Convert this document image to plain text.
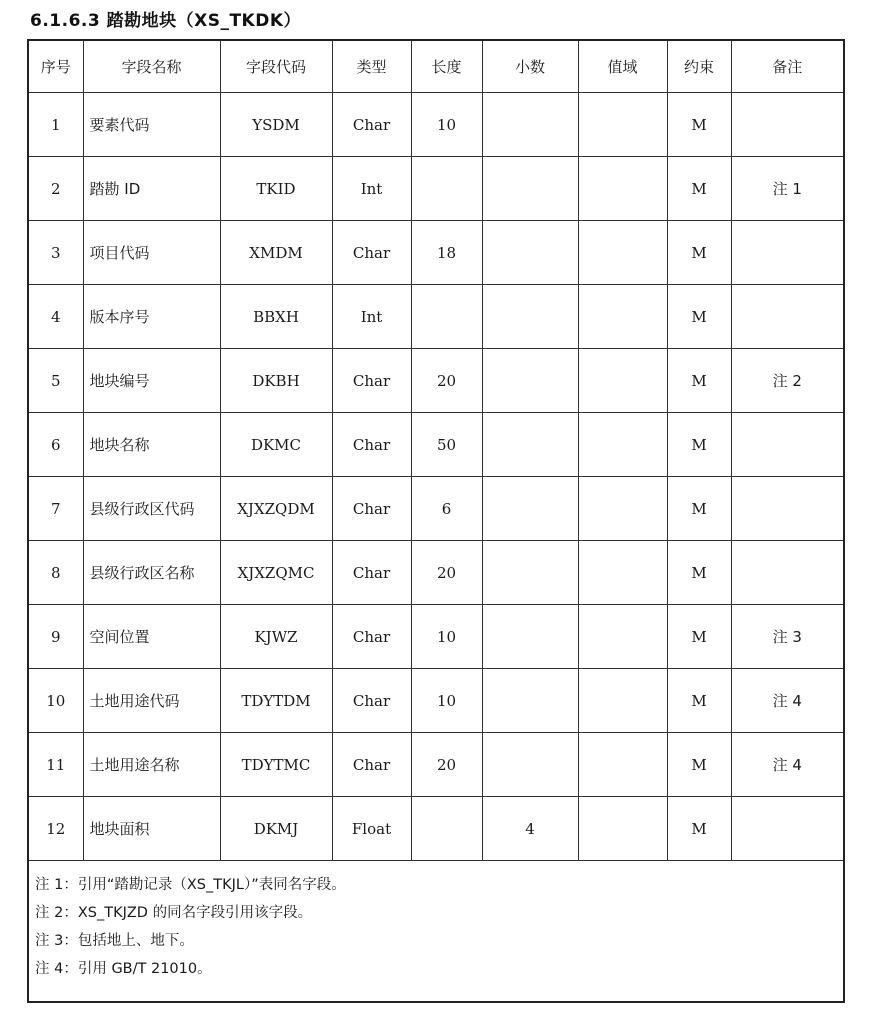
6.1.6.3 踏勘地块（XS_TKDK）
序号	字段名称	字段代码	类型	长度	小数	值域	约束	备注
1	要素代码	YSDM	Char	10			M	
2	踏勘 ID	TKID	Int				M	注 1
3	项目代码	XMDM	Char	18			M	
4	版本序号	BBXH	Int				M	
5	地块编号	DKBH	Char	20			M	注 2
6	地块名称	DKMC	Char	50			M	
7	县级行政区代码	XJXZQDM	Char	6			M	
8	县级行政区名称	XJXZQMC	Char	20			M	
9	空间位置	KJWZ	Char	10			M	注 3
10	土地用途代码	TDYTDM	Char	10			M	注 4
11	土地用途名称	TDYTMC	Char	20			M	注 4
12	地块面积	DKMJ	Float		4		M	

注 1：引用“踏勘记录（XS_TKJL）”表同名字段。
注 2：XS_TKJZD 的同名字段引用该字段。
注 3：包括地上、地下。
注 4：引用 GB/T 21010。								
